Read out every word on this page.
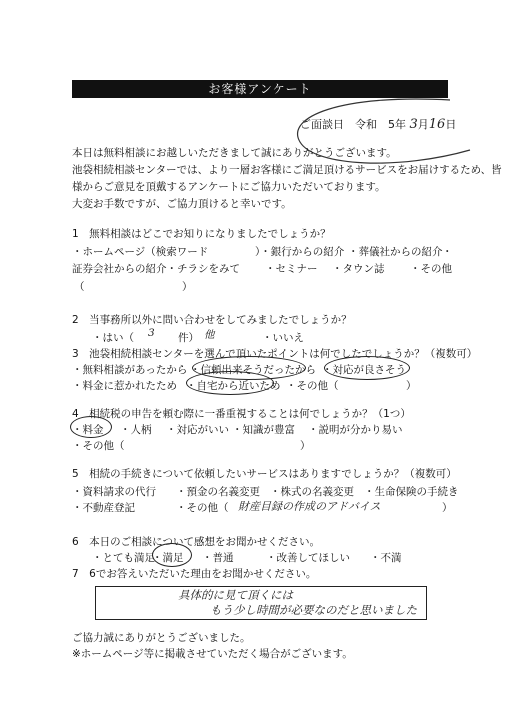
お客様アンケート
ご面談日　令和　5年 3月16日
本日は無料相談にお越しいただきまして誠にありがとうございます。
池袋相続相談センターでは、より一層お客様にご満足頂けるサービスをお届けするため、皆
様からご意見を頂戴するアンケートにご協力いただいております。
大変お手数ですが、ご協力頂けると幸いです。
1　無料相談はどこでお知りになりましたでしょうか？
・ホームページ（検索ワード	）・銀行からの紹介 ・葬儀社からの紹介 ・
証券会社からの紹介・チラシをみて ・セミナー ・タウン誌 ・その他
（	）
2　当事務所以外に問い合わせをしてみましたでしょうか？
・はい（ 3 件） 他	・いいえ
3　池袋相続相談センターを選んで頂いたポイントは何でしたでしょうか？（複数可）
・無料相談があったから ・信頼出来そうだったから ・対応が良さそう
・料金に惹かれたため ・自宅から近いため ・その他（	）
4　相続税の申告を頼む際に一番重視することは何でしょうか？（1つ）
・料金 ・人柄 ・対応がいい ・知識が豊富 ・説明が分かり易い
・その他（	）
5　相続の手続きについて依頼したいサービスはありますでしょうか？（複数可）
・資料請求の代行 ・預金の名義変更 ・株式の名義変更 ・生命保険の手続き
・不動産登記	・その他（ 財産目録の作成のアドバイス	）
6　本日のご相談について感想をお聞かせください。
・とても満足
・満足 ・普通	・改善してほしい ・不満
7　6でお答えいただいた理由をお聞かせください。
具体的に見て頂くには
もう少し時間が必要なのだと思いました
ご協力誠にありがとうございました。
※ホームページ等に掲載させていただく場合がございます。
